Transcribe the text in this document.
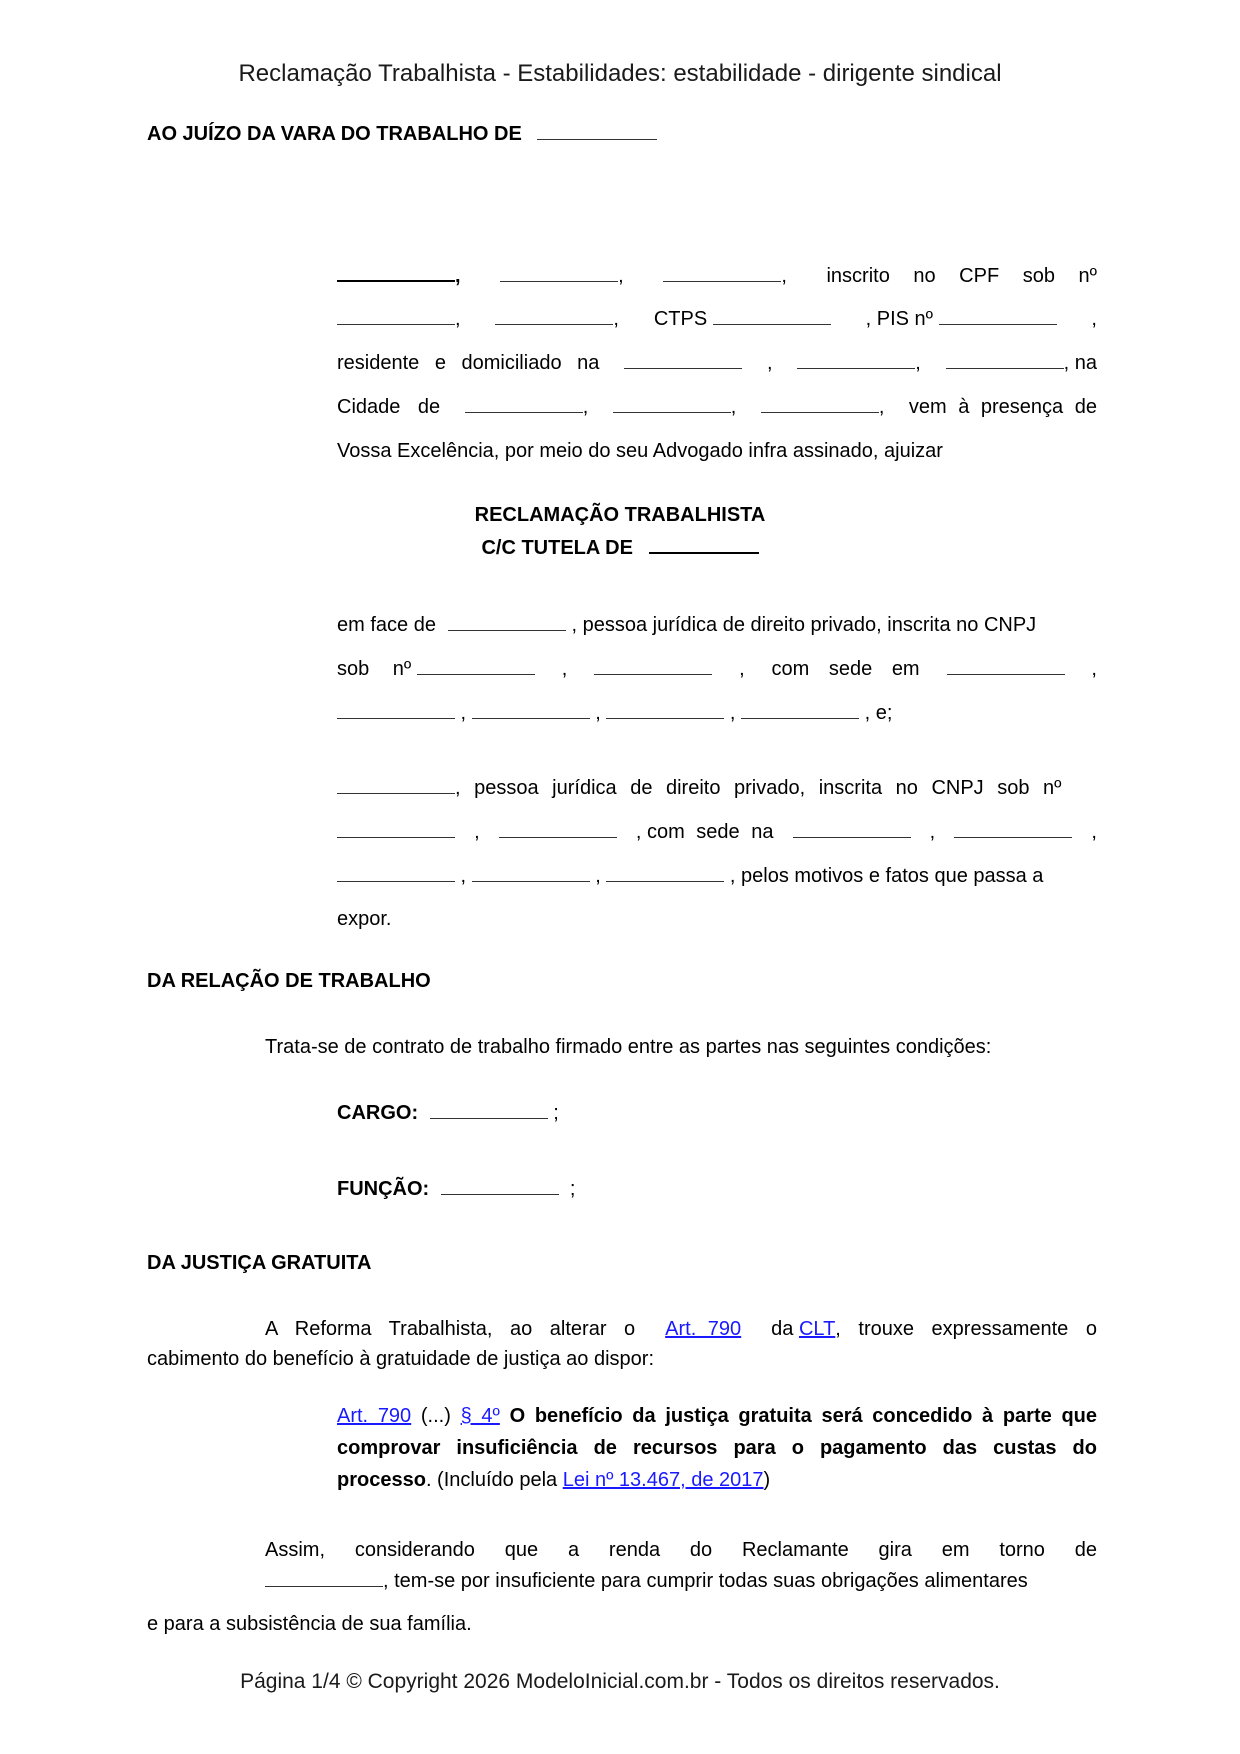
Reclamação Trabalhista - Estabilidades: estabilidade - dirigente sindical
AO JUÍZO DA VARA DO TRABALHO DE
,	,	, inscrito no CPF sob nº
,	, CTPS	, PIS nº	,
residente e domiciliado na	,	,	, na
Cidade de	,	,	, vem à presença de
Vossa Excelência, por meio do seu Advogado infra assinado, ajuizar
RECLAMAÇÃO TRABALHISTA
C/C TUTELA DE
em face de	, pessoa jurídica de direito privado, inscrita no CNPJ
sob nº	,	, com sede em	,
,	,	,	, e;
, pessoa jurídica de direito privado, inscrita no CNPJ sob nº
,	, com sede na	,	,
,	,	, pelos motivos e fatos que passa a
expor.
DA RELAÇÃO DE TRABALHO
Trata-se de contrato de trabalho firmado entre as partes nas seguintes condições:
CARGO:	;
FUNÇÃO:	;
DA JUSTIÇA GRATUITA
A Reforma Trabalhista, ao alterar o Art. 790 da CLT, trouxe expressamente o
cabimento do benefício à gratuidade de justiça ao dispor:
Art. 790 (...) § 4º O benefício da justiça gratuita será concedido à parte que comprovar insuficiência de recursos para o pagamento das custas do processo. (Incluído pela Lei nº 13.467, de 2017)
Assim, considerando que a renda do Reclamante gira em torno de
, tem-se por insuficiente para cumprir todas suas obrigações alimentares
e para a subsistência de sua família.
Página 1/4 © Copyright 2026 ModeloInicial.com.br - Todos os direitos reservados.
